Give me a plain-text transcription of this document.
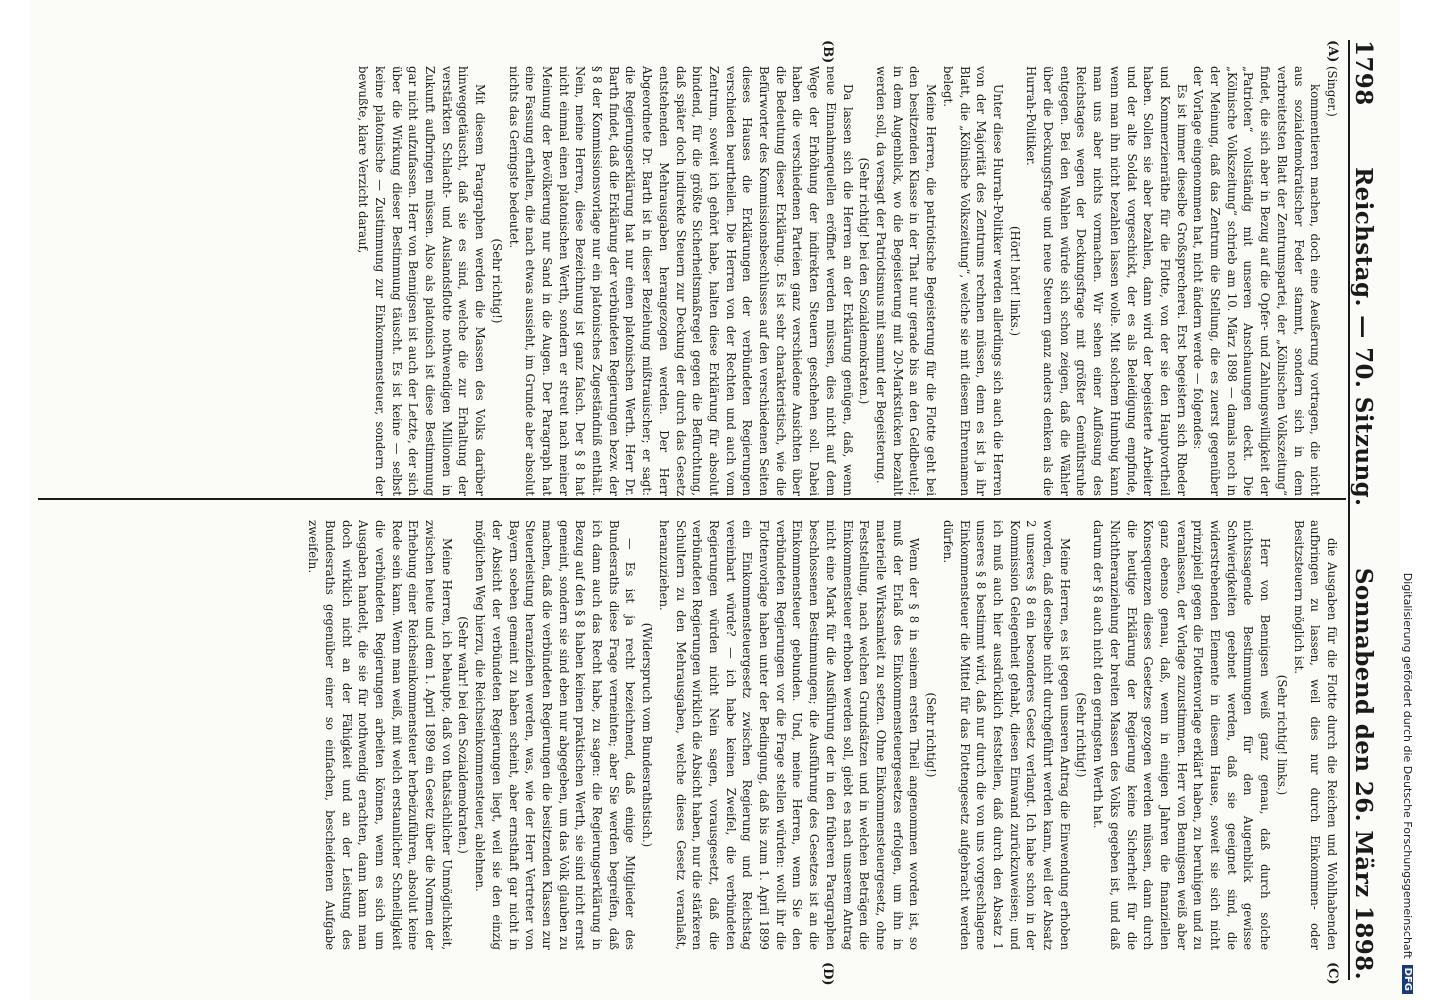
1798
Reichstag. — 70. Sitzung.
Sonnabend den 26. März 1898.
(A)
(B)
(C)
(D)

(Singer.)

kommentieren machen, doch eine Aeußerung vortragen, die nicht aus sozialdemokratischer Feder stammt, sondern sich in dem verbreitetsten Blatt der Zentrumspartei, der „Kölnischen Volkszeitung“ findet, die sich aber in Bezug auf die Opfer- und Zahlungswilligkeit der „Patrioten“ vollständig mit unseren Anschauungen deckt. Die „Kölnische Volkszeitung“ schrieb am 10. März 1898 — damals noch in der Meinung, daß das Zentrum die Stellung, die es zuerst gegenüber der Vorlage eingenommen hat, nicht ändern werde — folgendes:

Es ist immer dieselbe Großsprecherei. Erst begeistern sich Rheder und Kommerzienräthe für die Flotte, von der sie den Hauptvortheil haben. Sollen sie aber bezahlen, dann wird der begeisterte Arbeiter und der alte Soldat vorgeschickt, der es als Beleidigung empfinde, wenn man ihn nicht bezahlen lassen wolle. Mit solchem Humbug kann man uns aber nichts vormachen. Wir sehen einer Auflösung des Reichstages wegen der Deckungsfrage mit größter Gemüthsruhe entgegen. Bei den Wahlen würde sich schon zeigen, daß die Wähler über die Deckungsfrage und neue Steuern ganz anders denken als die Hurrah-Politiker.

(Hört! hört! links.)

Unter diese Hurrah-Politiker werden allerdings sich auch die Herren von der Majorität des Zentrums rechnen müssen, denn es ist ja ihr Blatt, die „Kölnische Volkszeitung“, welche sie mit diesem Ehrennamen belegt.

Meine Herren, die patriotische Begeisterung für die Flotte geht bei den besitzenden Klasse in der That nur gerade bis an den Geldbeutel; in dem Augenblick, wo die Begeisterung mit 20-Markstücken bezahlt werden soll, da versagt der Patriotismus mit sammt der Begeisterung.

(Sehr richtig! bei den Sozialdemokraten.)

Da lassen sich die Herren an der Erklärung genügen, daß, wenn neue Einnahmequellen eröffnet werden müssen, dies nicht auf dem Wege der Erhöhung der indirekten Steuern geschehen soll. Dabei haben die verschiedenen Parteien ganz verschiedene Ansichten über die Bedeutung dieser Erklärung. Es ist sehr charakteristisch, wie die Befürworter des Kommissionsbeschlusses auf den verschiedenen Seiten dieses Hauses die Erklärungen der verbündeten Regierungen verschieden beurtheilen. Die Herren von der Rechten und auch vom Zentrum, soweit ich gehört habe, halten diese Erklärung für absolut bindend, für die größte Sicherheitsmaßregel gegen die Befürchtung, daß später doch indirekte Steuern zur Deckung der durch das Gesetz entstehenden Mehrausgaben herangezogen werden. Der Herr Abgeordnete Dr. Barth ist in dieser Beziehung mißtrauischer; er sagt: die Regierungserklärung hat nur einen platonischen Werth. Herr Dr. Barth findet, daß die Erklärung der verbündeten Regierungen bezw. der § 8 der Kommissionsvorlage nur ein platonisches Zugeständniß enthält. Nein, meine Herren, diese Bezeichnung ist ganz falsch. Der § 8 hat nicht einmal einen platonischen Werth, sondern er streut nach meiner Meinung der Bevölkerung nur Sand in die Augen. Der Paragraph hat eine Fassung erhalten, die nach etwas aussieht, im Grunde aber absolut nichts das Geringste bedeutet.

(Sehr richtig!)

Mit diesem Paragraphen werden die Massen des Volks darüber hinweggetäuscht, daß sie es sind, welche die zur Erhaltung der verstärkten Schlacht- und Auslandsflotte nothwendigen Millionen in Zukunft aufbringen müssen. Also als platonisch ist diese Bestimmung gar nicht aufzufassen. Herr von Bennigsen ist auch der Letzte, der sich über die Wirkung dieser Bestimmung täuscht. Es ist keine — selbst keine platonische — Zustimmung zur Einkommensteuer, sondern der bewußte, klare Verzicht darauf,

die Ausgaben für die Flotte durch die Reichen und Wohlhabenden aufbringen zu lassen, weil dies nur durch Einkommen- oder Besitzsteuern möglich ist.

(Sehr richtig! links.)

Herr von Bennigsen weiß ganz genau, daß durch solche nichtssagende Bestimmungen für den Augenblick gewisse Schwierigkeiten geebnet werden, daß sie geeignet sind, die widerstrebenden Elemente in diesem Hause, soweit sie sich nicht prinzipiell gegen die Flottenvorlage erklärt haben, zu beruhigen und zu veranlassen, der Vorlage zuzustimmen. Herr von Bennigsen weiß aber ganz ebenso genau, daß, wenn in einigen Jahren die finanziellen Konsequenzen dieses Gesetzes gezogen werden müssen, dann durch die heutige Erklärung der Regierung keine Sicherheit für die Nichtheranziehung der breiten Massen des Volks gegeben ist, und daß darum der § 8 auch nicht den geringsten Werth hat.

(Sehr richtig!)

Meine Herren, es ist gegen unseren Antrag die Einwendung erhoben worden, daß derselbe nicht durchgeführt werden kann, weil der Absatz 2 unseres § 8 ein besonderes Gesetz verlangt. Ich habe schon in der Kommission Gelegenheit gehabt, diesen Einwand zurückzuweisen; und ich muß auch hier ausdrücklich feststellen, daß durch den Absatz 1 unseres § 8 bestimmt wird, daß nur durch die von uns vorgeschlagene Einkommensteuer die Mittel für das Flottengesetz aufgebracht werden dürfen.

(Sehr richtig!)

Wenn der § 8 in seinem ersten Theil angenommen worden ist, so muß der Erlaß des Einkommensteuergesetzes erfolgen, um ihn in materielle Wirksamkeit zu setzen. Ohne Einkommensteuergesetz, ohne Feststellung, nach welchen Grundsätzen und in welchen Beträgen die Einkommensteuer erhoben werden soll, giebt es nach unserem Antrag nicht eine Mark für die Ausführung der in den früheren Paragraphen beschlossenen Bestimmungen; die Ausführung des Gesetzes ist an die Einkommensteuer gebunden. Und, meine Herren, wenn Sie den verbündeten Regierungen vor die Frage stellen würden: wollt ihr die Flottenvorlage haben unter der Bedingung, daß bis zum 1. April 1899 ein Einkommensteuergesetz zwischen Regierung und Reichstag vereinbart würde? — ich habe keinen Zweifel, die verbündeten Regierungen würden nicht Nein sagen, vorausgesetzt, daß die verbündeten Regierungen wirklich die Absicht haben, nur die stärkeren Schultern zu den Mehrausgaben, welche dieses Gesetz veranlaßt, heranzuziehen.

(Widerspruch vom Bundesrathstisch.)

— Es ist ja recht bezeichnend, daß einige Mitglieder des Bundesraths diese Frage verneinten; aber Sie werden begreifen, daß ich dann auch das Recht habe, zu sagen: die Regierungserklärung in Bezug auf den § 8 haben keinen praktischen Werth, sie sind nicht ernst gemeint, sondern sie sind eben nur abgegeben, um das Volk glauben zu machen, daß die verbündeten Regierungen die besitzenden Klassen zur Steuerleistung heranziehen werden, was, wie der Herr Vertreter von Bayern soeben gemeint zu haben scheint, aber ernsthaft gar nicht in der Absicht der verbündeten Regierungen liegt, weil sie den einzig möglichen Weg hierzu, die Reichseinkommensteuer, ablehnen.

(Sehr wahr! bei den Sozialdemokraten.)

Meine Herren, ich behaupte, daß von thatsächlicher Unmöglichkeit, zwischen heute und dem 1. April 1899 ein Gesetz über die Normen der Erhebung einer Reichseinkommensteuer herbeizuführen, absolut keine Rede sein kann. Wenn man weiß, mit welch erstaunlicher Schnelligkeit die verbündeten Regierungen arbeiten können, wenn es sich um Ausgaben handelt, die sie für nothwendig erachten, dann kann man doch wirklich nicht an der Fähigkeit und an der Leistung des Bundesraths gegenüber einer so einfachen, bescheidenen Aufgabe zweifeln.

Digitalisierung gefördert durch die Deutsche Forschungsgemeinschaft
DFG
